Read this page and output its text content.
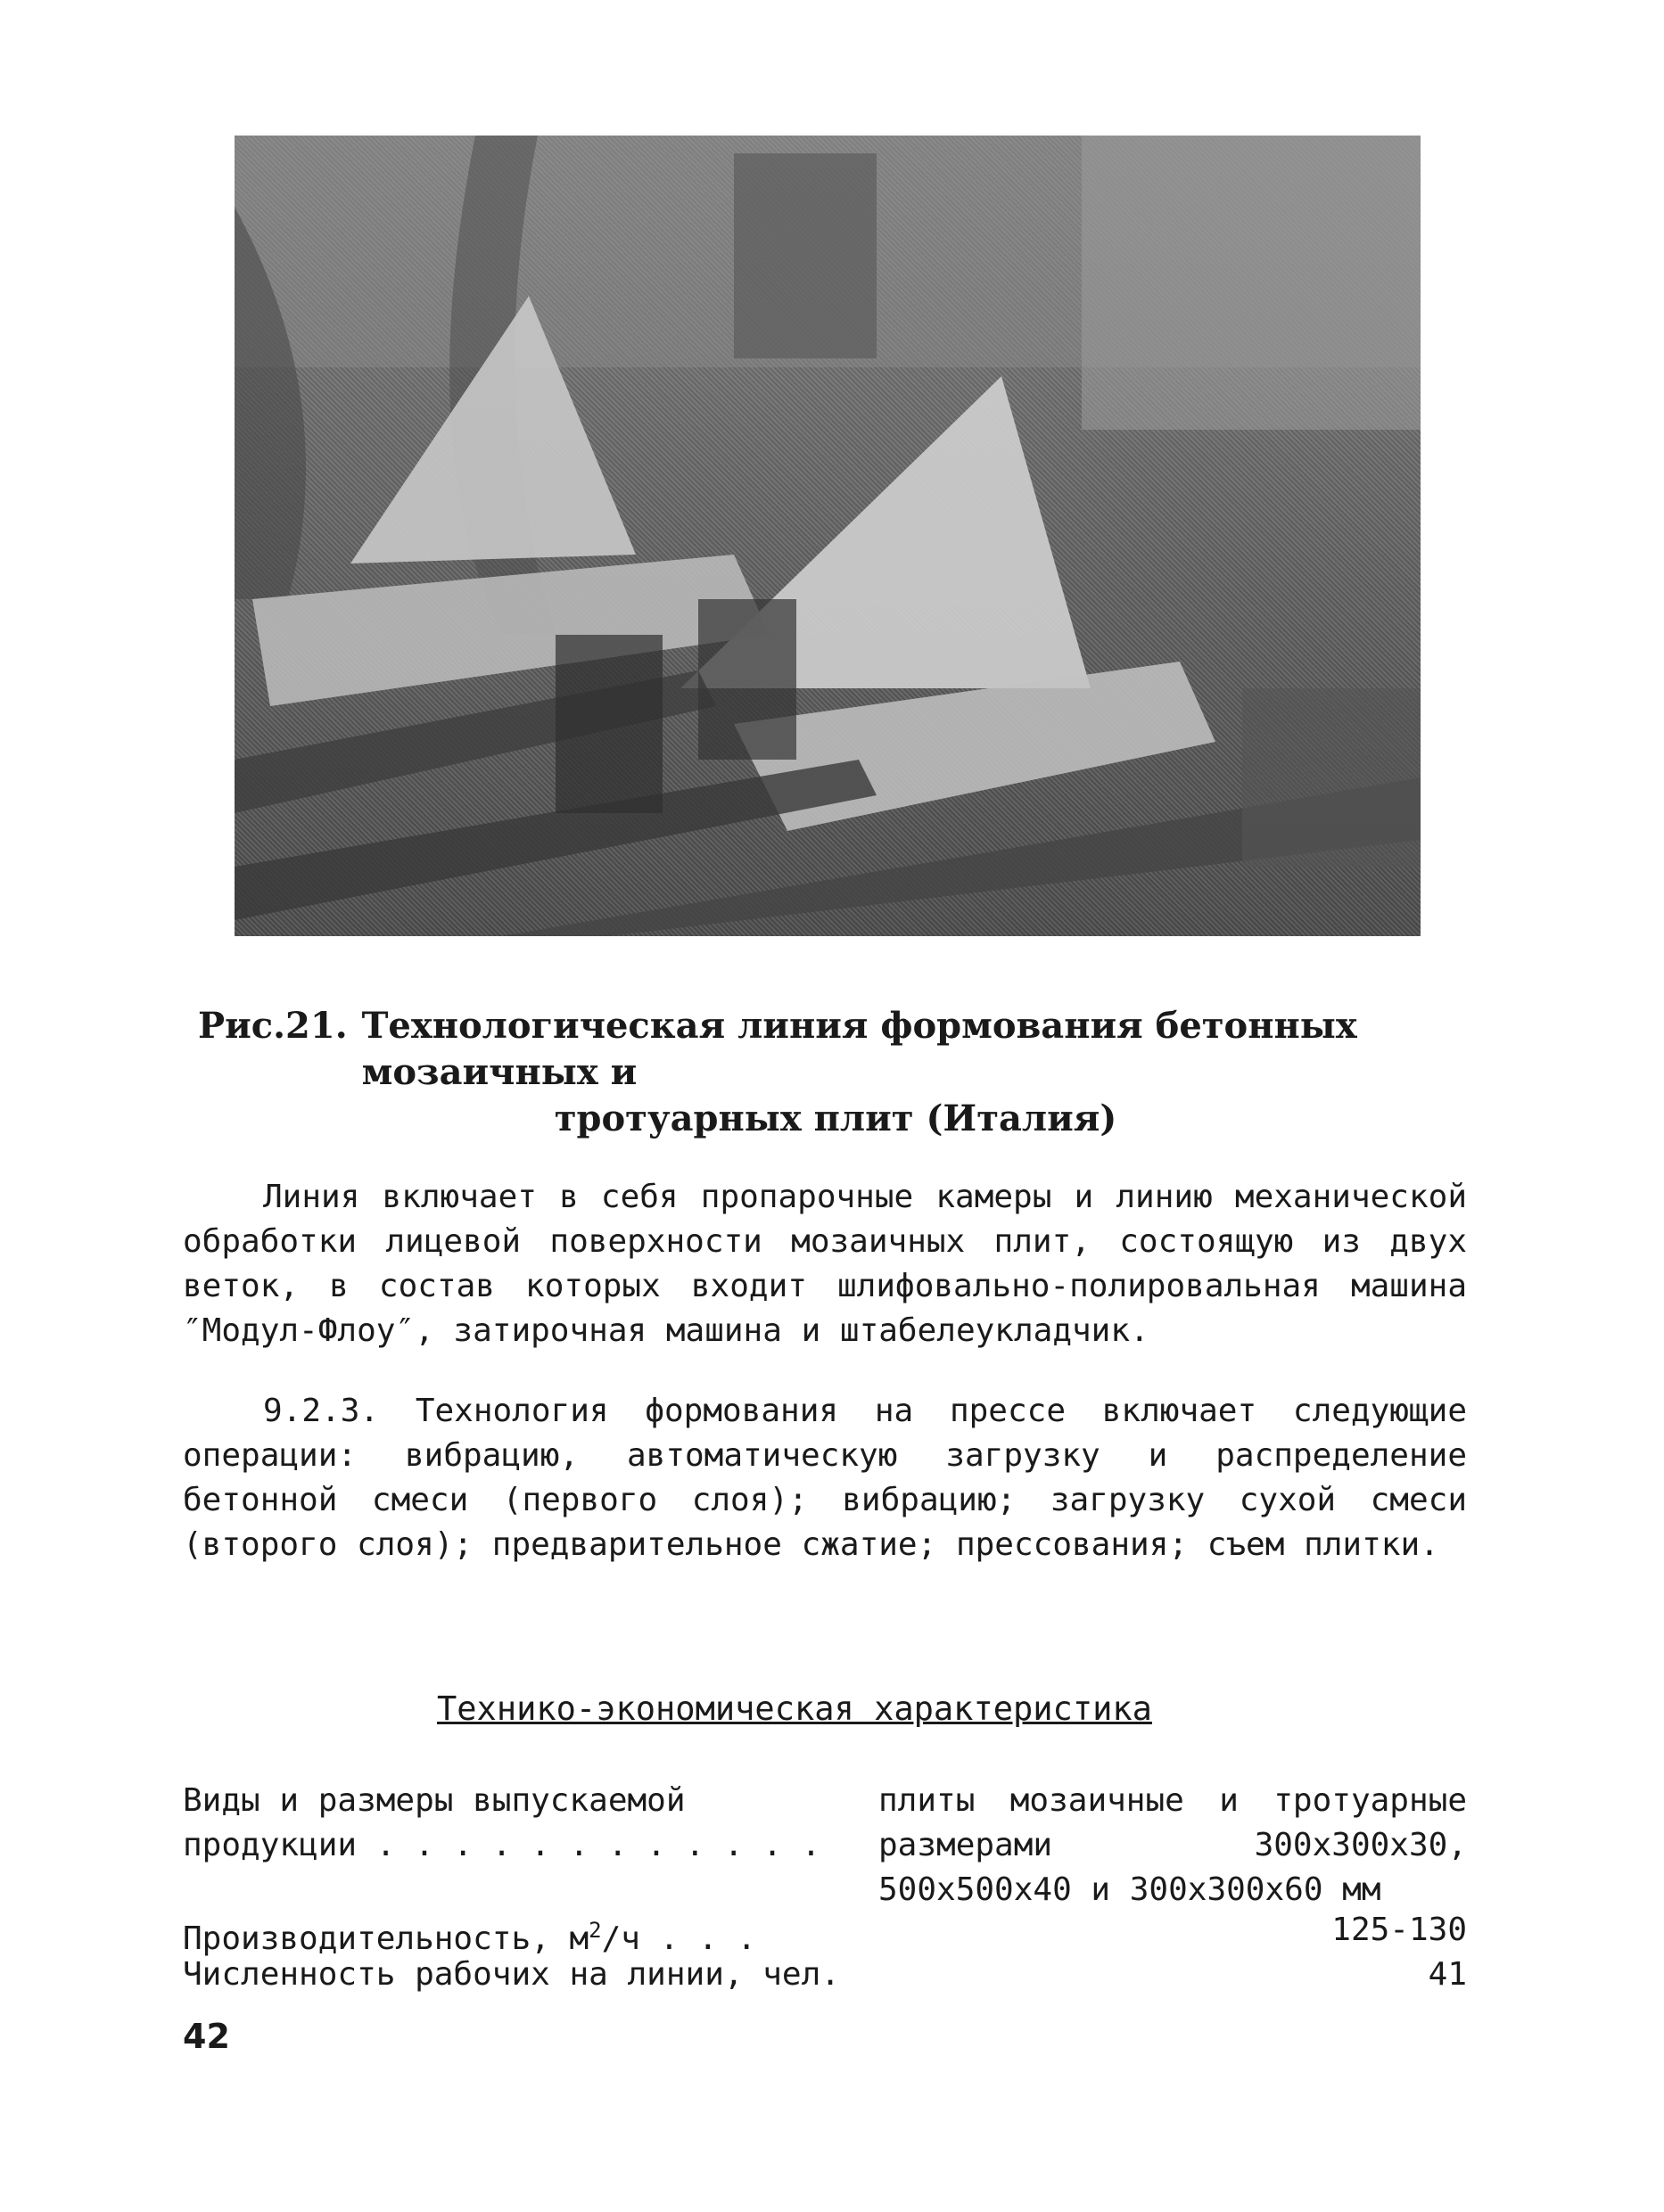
Рис.21. Технологическая линия формования бетонных мозаичных и
тротуарных плит (Италия)
Линия включает в себя пропарочные камеры и линию механической обработки лицевой поверхности мозаичных плит, состоящую из двух веток, в состав которых входит шлифовально-полировальная машина ″Модул-Флоу″, затирочная машина и штабелеукладчик.
9.2.3. Технология формования на прессе включает следующие операции: вибрацию, автоматическую загрузку и распределение бетонной смеси (первого слоя); вибрацию; загрузку сухой смеси (второго слоя); предварительное сжатие; прессования; съем плитки.
Технико-экономическая характеристика
Виды и размеры выпускаемой продукции . . . . . . . . . . . .
плиты мозаичные и тротуарные размерами 300x300x30, 500x500x40 и 300x300x60 мм
Производительность, $м^2/ч$ . . .	125-130
Численность рабочих на линии, чел.	41
42
